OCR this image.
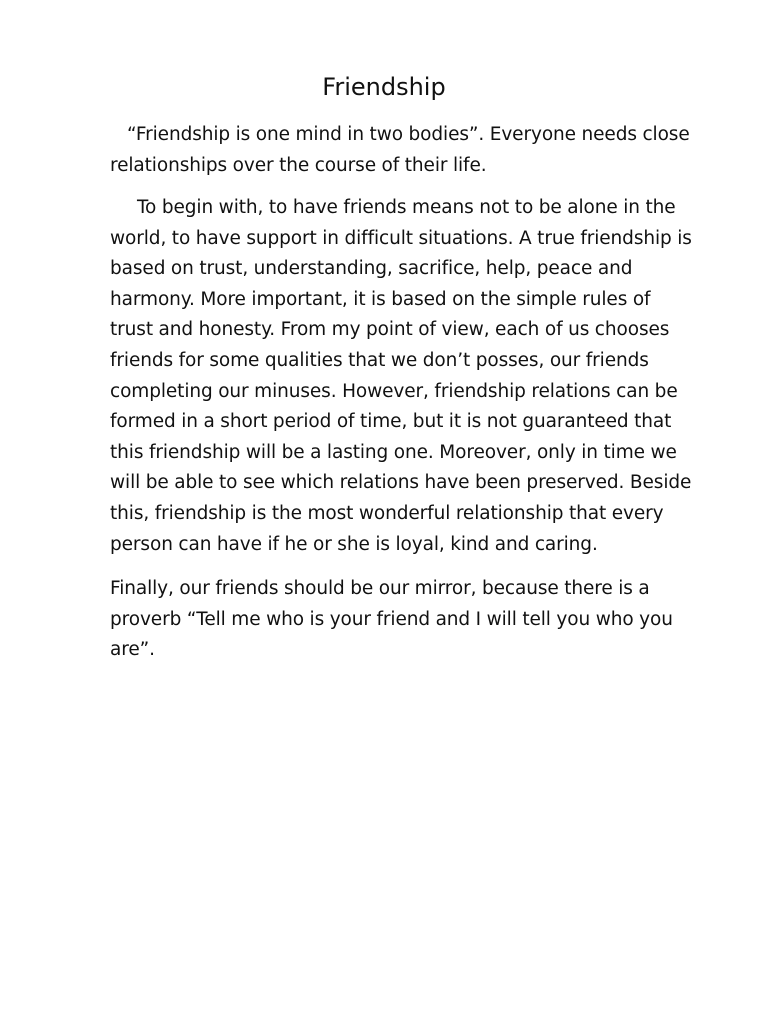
Friendship

“Friendship is one mind in two bodies”. Everyone needs close
relationships over the course of their life.

To begin with, to have friends means not to be alone in the
world, to have support in difficult situations. A true friendship is
based on trust, understanding, sacrifice, help, peace and
harmony. More important, it is based on the simple rules of
trust and honesty. From my point of view, each of us chooses
friends for some qualities that we don’t posses, our friends
completing our minuses. However, friendship relations can be
formed in a short period of time, but it is not guaranteed that
this friendship will be a lasting one. Moreover, only in time we
will be able to see which relations have been preserved. Beside
this, friendship is the most wonderful relationship that every
person can have if he or she is loyal, kind and caring.

Finally, our friends should be our mirror, because there is a
proverb “Tell me who is your friend and I will tell you who you
are”.
